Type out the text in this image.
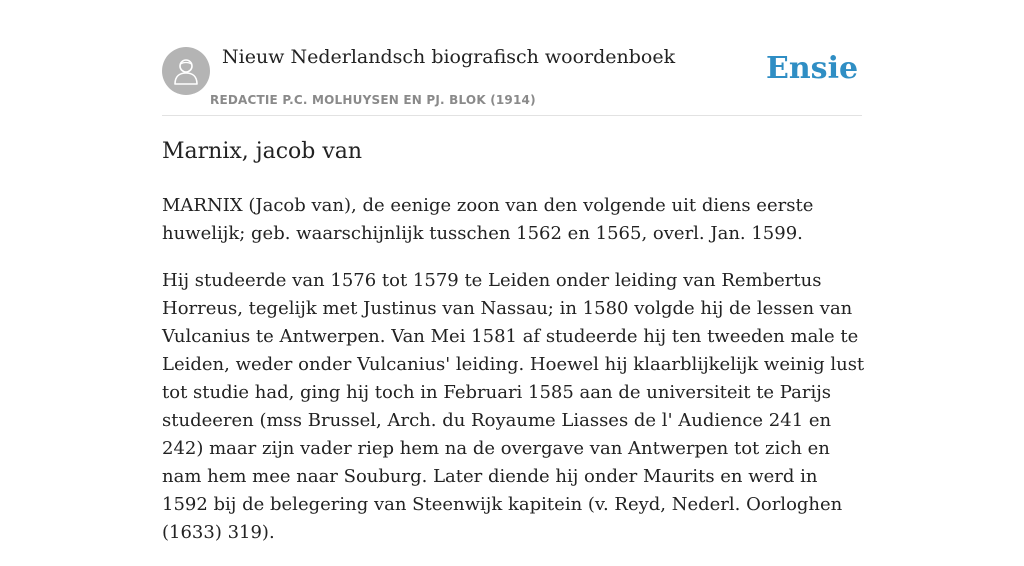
Nieuw Nederlandsch biografisch woordenboek
REDACTIE P.C. MOLHUYSEN EN PJ. BLOK (1914)
Ensie
Marnix, jacob van

MARNIX (Jacob van), de eenige zoon van den volgende uit diens eerste huwelijk; geb. waarschijnlijk tusschen 1562 en 1565, overl. Jan. 1599.

Hij studeerde van 1576 tot 1579 te Leiden onder leiding van Rembertus Horreus, tegelijk met Justinus van Nassau; in 1580 volgde hij de lessen van Vulcanius te Antwerpen. Van Mei 1581 af studeerde hij ten tweeden male te Leiden, weder onder Vulcanius' leiding. Hoewel hij klaarblijkelijk weinig lust tot studie had, ging hij toch in Februari 1585 aan de universiteit te Parijs studeeren (mss Brussel, Arch. du Royaume Liasses de l' Audience 241 en 242) maar zijn vader riep hem na de overgave van Antwerpen tot zich en nam hem mee naar Souburg. Later diende hij onder Maurits en werd in 1592 bij de belegering van Steenwijk kapitein (v. Reyd, Nederl. Oorloghen (1633) 319).
